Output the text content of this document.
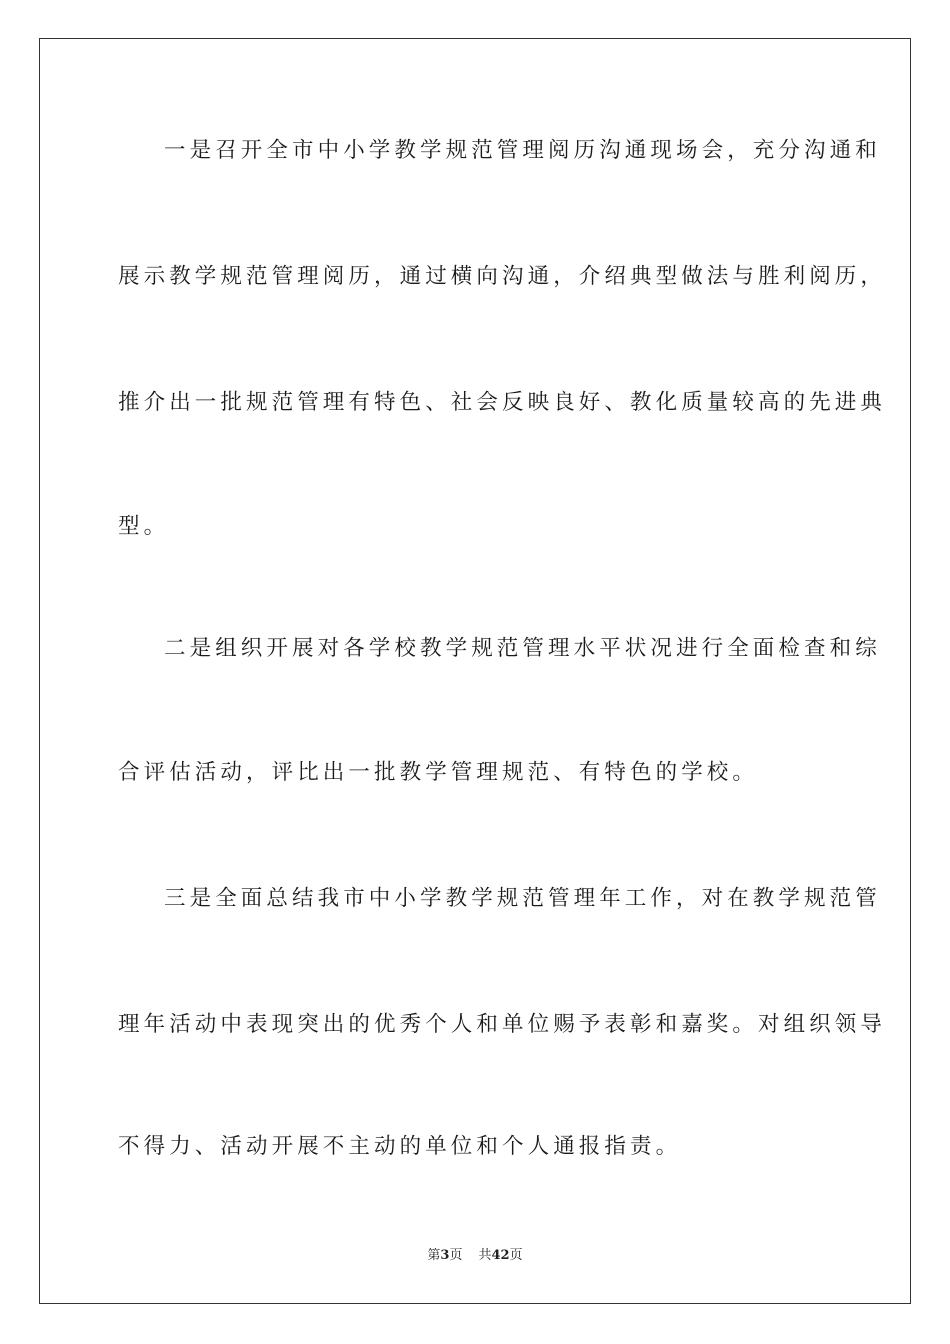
一是召开全市中小学教学规范管理阅历沟通现场会，充分沟通和
展示教学规范管理阅历，通过横向沟通，介绍典型做法与胜利阅历，
推介出一批规范管理有特色、社会反映良好、教化质量较高的先进典
型。
二是组织开展对各学校教学规范管理水平状况进行全面检查和综
合评估活动，评比出一批教学管理规范、有特色的学校。
三是全面总结我市中小学教学规范管理年工作，对在教学规范管
理年活动中表现突出的优秀个人和单位赐予表彰和嘉奖。对组织领导
不得力、活动开展不主动的单位和个人通报指责。
第3页 共42页
